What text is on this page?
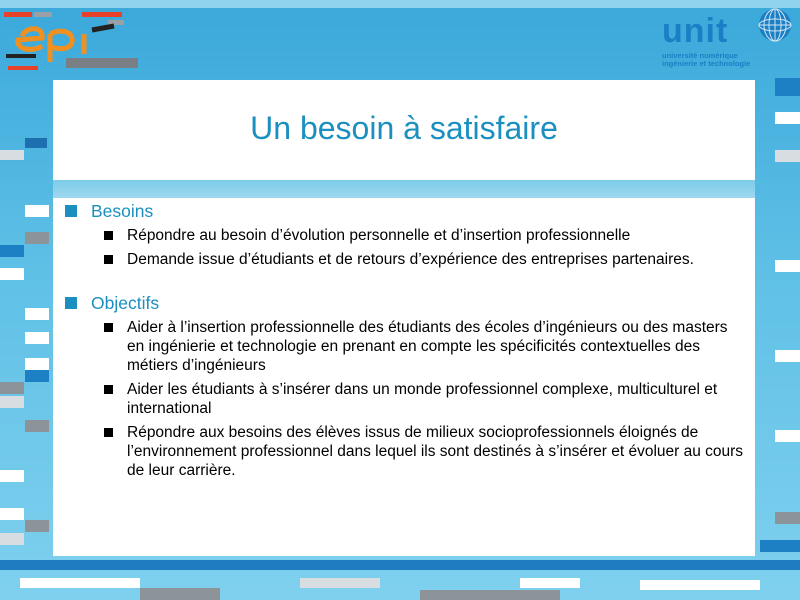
unit
université numérique
ingénierie et technologie
Un besoin à satisfaire
Besoins
Répondre au besoin d’évolution personnelle et d’insertion professionnelle
Demande issue d’étudiants et de retours d’expérience des entreprises partenaires.
Objectifs
Aider à l’insertion professionnelle des étudiants des écoles d’ingénieurs ou des masters en ingénierie et technologie en prenant en compte les spécificités contextuelles des métiers d’ingénieurs
Aider les étudiants à s’insérer dans un monde professionnel complexe, multiculturel et international
Répondre aux besoins des élèves issus de milieux socioprofessionnels éloignés de l’environnement professionnel dans lequel ils sont destinés à s’insérer et évoluer au cours de leur carrière.
